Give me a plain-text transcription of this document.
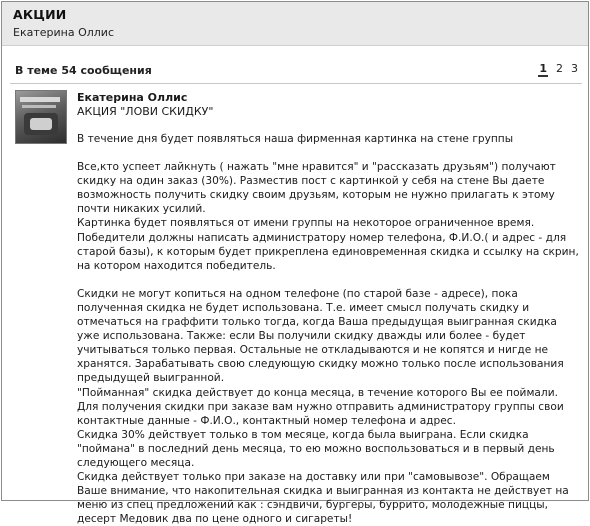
АКЦИИ
Екатерина Оллис
В теме 54 сообщения	1 2 3
Екатерина Оллис
АКЦИЯ "ЛОВИ СКИДКУ"

В течение дня будет появляться наша фирменная картинка на стене группы

Все,кто успеет лайкнуть ( нажать "мне нравится" и "рассказать друзьям") получают скидку на один заказ (30%). Разместив пост с картинкой у себя на стене Вы даете возможность получить скидку своим друзьям, которым не нужно прилагать к этому почти никаких усилий.

Картинка будет появляться от имени группы на некоторое ограниченное время. Победители должны написать администратору номер телефона, Ф.И.О.( и адрес - для старой базы), к которым будет прикреплена единовременная скидка и ссылку на скрин, на котором находится победитель.

Скидки не могут копиться на одном телефоне (по старой базе - адресе), пока полученная скидка не будет использована. Т.е. имеет смысл получать скидку и отмечаться на граффити только тогда, когда Ваша предыдущая выигранная скидка уже использована. Также: если Вы получили скидку дважды или более - будет учитываться только первая. Остальные не откладываются и не копятся и нигде не хранятся. Зарабатывать свою следующую скидку можно только после использования предыдущей выигранной.

"Пойманная" скидка действует до конца месяца, в течение которого Вы ее поймали.

Для получения скидки при заказе вам нужно отправить администратору группы свои контактные данные - Ф.И.О., контактный номер телефона и адрес.

Скидка 30% действует только в том месяце, когда была выиграна. Если скидка "поймана" в последний день месяца, то ею можно воспользоваться и в первый день следующего месяца.

Скидка действует только при заказе на доставку или при "самовывозе". Обращаем Ваше внимание, что накопительная скидка и выигранная из контакта не действует на меню из спец предложений как : сэндвичи, бургеры, буррито, молодежные пиццы, десерт Медовик два по цене одного и сигареты!
